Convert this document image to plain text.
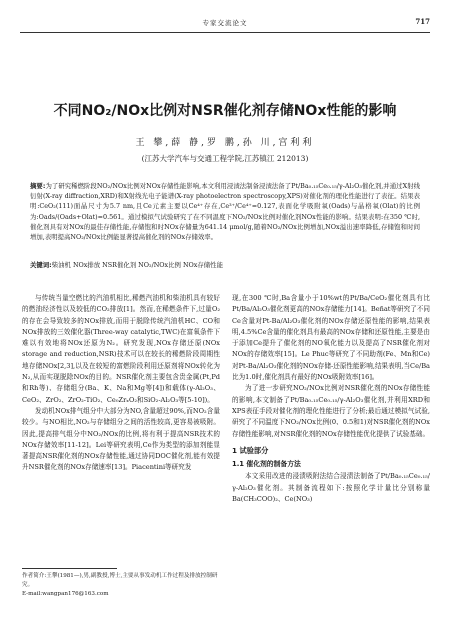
专家交流论文	717
不同NO₂/NOx比例对NSR催化剂存储NOx性能的影响
王 攀,薛 静,罗 鹏,孙 川,宫利利
(江苏大学汽车与交通工程学院,江苏镇江 212013)

摘要:为了研究稀燃阶段NO₂/NOx比例对NOx存储性能影响,本文利用浸渍法制备浸渍法备了Pt/Ba₀.₁₅Ce₀.₁₅/γ-Al₂O₃催化剂,并通过X射线衍射(X-ray diffraction,XRD)和X射线光电子能谱(X-ray photoelectron spectroscopy,XPS)对催化剂的理化性能进行了表征。结果表明:CeO₂(111)面晶尺寸为5.7 nm,且Ce元素主要以Ce⁴⁺存在,Ce³⁺/Ce⁴⁺=0.127,表面化学吸附氧(Oads)与晶格氧(Olat)的比例为:Oads/(Oads+Olat)=0.561。通过模拟气试验研究了在不同温度下NO₂/NOx比例对催化剂NOx性能的影响。结果表明:在350 ℃时,催化剂具有对NOx的最佳存储性能,存储饱和时NOx存储量为641.14 μmol/g,随着NO₂/NOx比例增加,NOx溢出速率降低,存储饱和时间增加,表明提高NO₂/NOx比例能显著提高催化剂的NOx存储效率。

关键词:柴油机 NOx排放 NSR催化剂 NO₂/NOx比例 NOx存储性能

与传统当量空燃比的汽油机相比,稀燃汽油机和柴油机具有较好的燃油经济性以及较低的CO₂排放[1]。然而,在稀燃条件下,过量O₂的存在会导致较多的NOx排放,而用于脱除传统汽油机HC、CO和NOx排放的三效催化器(Three-way catalytic,TWC)在富氧条件下难以有效地将NOx还原为N₂。研究发现,NOx存储还原(NOx storage and reduction,NSR)技术可以在较长的稀燃阶段周期性地存储NOx[2,3],以及在较短的富燃阶段利用还原剂将NOx转化为N₂,从而实现脱除NOx的目的。NSR催化剂主要包含贵金属(Pt,Pd和Rh等)、存储组分(Ba、K、Na和Mg等[4])和载体(γ-Al₂O₃、CeO₂、ZrO₂、ZrO₂-TiO₂、Ce₀ZrₓO₂和SiO₂-Al₂O₃等[5-10])。

发动机NOx排气组分中大部分为NO,含量超过90%,而NO₂含量较少。与NO相比,NO₂与存储组分之间的活性较高,更容易被吸附。因此,提高排气组分中NO₂/NOx的比例,将有利于提高NSR技术的NOx存储效率[11-12]。Lei等研究表明,Ce作为类型的添加剂能显著提高NSR催化剂的NOx存储性能,通过协同DOC催化剂,能有效提升NSR催化剂的NOx存储速率[13]。Piacentini等研究发

现,在300 ℃时,Ba含量小于10%wt的Pt/Ba/CeO₂催化剂具有比Pt/Ba/Al₂O₃催化剂更高的NOx存储能力[14]。Beñat等研究了不同Ce含量对Pt-Ba/Al₂O₃催化剂的NOx存储还原性能的影响,结果表明,4.5%Ce含量的催化剂具有最高的NOx存储和还原性能,主要是由于添加Ce提升了催化剂的NO氧化能力以及提高了NSR催化剂对NOx的存储效率[15]。Le Phuc等研究了不同助剂(Fe、Mn和Ce)对Pt-Ba/Al₂O₃催化剂的NOx存储-还原性能影响,结果表明,当Ce/Ba比为1.0时,催化剂具有最好的NOx吸附效率[16]。

为了进一步研究NO₂/NOx比例对NSR催化剂的NOx存储性能的影响,本文制备了Pt/Ba₀.₁₅Ce₀.₁₅/γ-Al₂O₃催化剂,并利用XRD和XPS表征手段对催化剂的理化性能进行了分析;最后通过模拟气试验,研究了不同温度下NO₂/NOx比例(0、0.5和1)对NSR催化剂的NOx存储性能影响,对NSR催化剂的NOx存储性能优化提供了试验基础。

1 试验部分
1.1 催化剂的制备方法

本文采用改进的浸渍吸附法结合浸渍法制备了Pt/Ba₀.₁₅Ce₀.₁₅/γ-Al₂O₃催化剂。其制备流程如下:按照化学计量比分别称量Ba(CH₃COO)₂、Ce(NO₃)

作者简介:王攀(1981—),男,副教授,博士,主要从事发动机工作过程及排放控制研究。
E-mail:wangpan176@163.com
